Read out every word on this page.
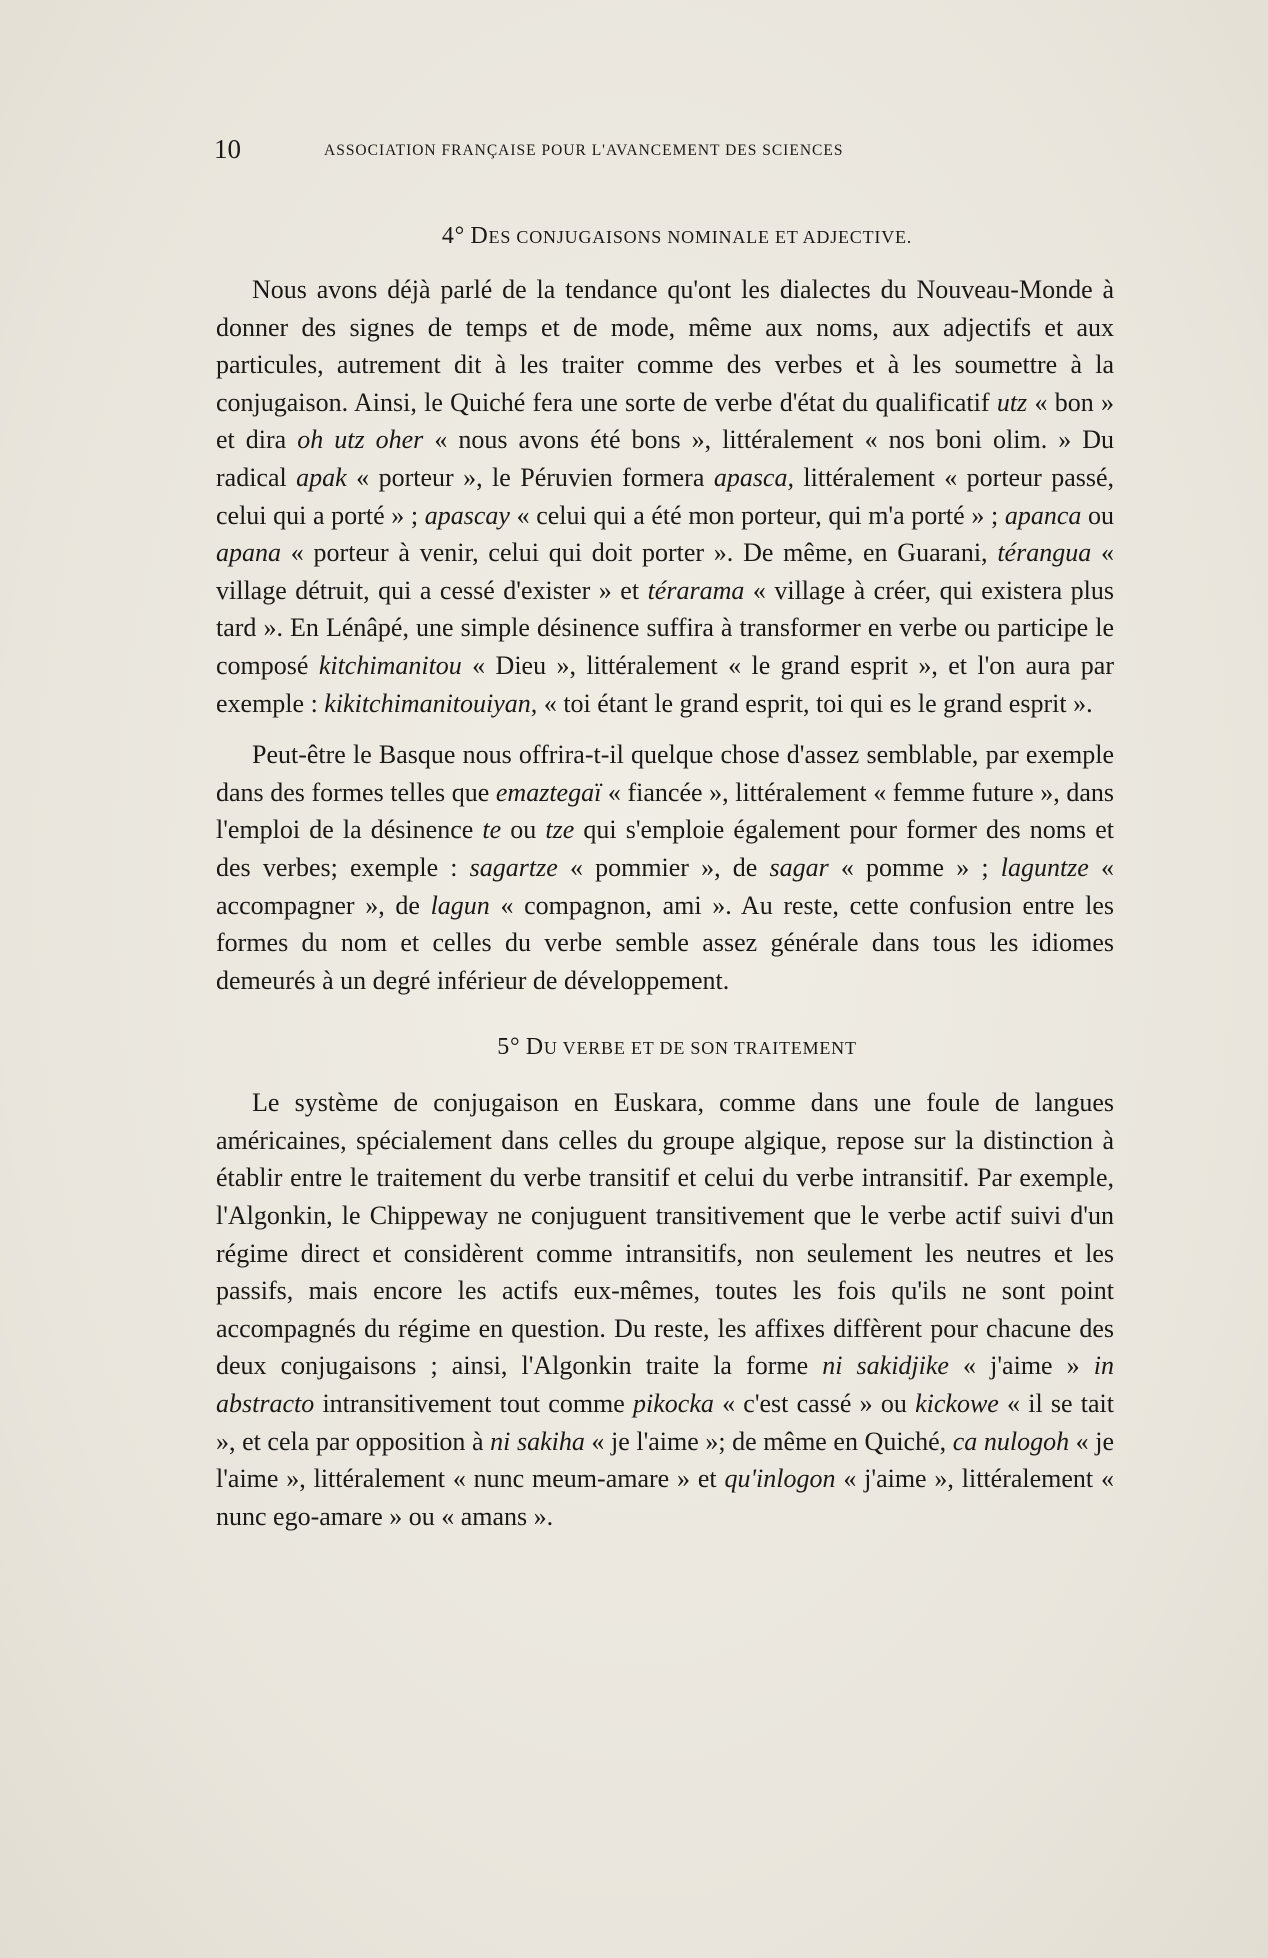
10	ASSOCIATION FRANÇAISE POUR L'AVANCEMENT DES SCIENCES
4° DES CONJUGAISONS NOMINALE ET ADJECTIVE.

Nous avons déjà parlé de la tendance qu'ont les dialectes du Nouveau-Monde à donner des signes de temps et de mode, même aux noms, aux adjectifs et aux particules, autrement dit à les traiter comme des verbes et à les soumettre à la conjugaison. Ainsi, le Quiché fera une sorte de verbe d'état du qualificatif utz « bon » et dira oh utz oher « nous avons été bons », littéralement « nos boni olim. » Du radical apak « porteur », le Péruvien formera apasca, littéralement « porteur passé, celui qui a porté » ; apascay « celui qui a été mon porteur, qui m'a porté » ; apanca ou apana « porteur à venir, celui qui doit porter ». De même, en Guarani, térangua « village détruit, qui a cessé d'exister » et térarama « village à créer, qui existera plus tard ». En Lénâpé, une simple désinence suffira à transformer en verbe ou participe le composé kitchimanitou « Dieu », littéralement « le grand esprit », et l'on aura par exemple : kikitchimanitouiyan, « toi étant le grand esprit, toi qui es le grand esprit ».

Peut-être le Basque nous offrira-t-il quelque chose d'assez semblable, par exemple dans des formes telles que emaztegaï « fiancée », littéralement « femme future », dans l'emploi de la désinence te ou tze qui s'emploie également pour former des noms et des verbes; exemple : sagartze « pommier », de sagar « pomme » ; laguntze « accompagner », de lagun « compagnon, ami ». Au reste, cette confusion entre les formes du nom et celles du verbe semble assez générale dans tous les idiomes demeurés à un degré inférieur de développement.

5° DU VERBE ET DE SON TRAITEMENT

Le système de conjugaison en Euskara, comme dans une foule de langues américaines, spécialement dans celles du groupe algique, repose sur la distinction à établir entre le traitement du verbe transitif et celui du verbe intransitif. Par exemple, l'Algonkin, le Chippeway ne conjuguent transitivement que le verbe actif suivi d'un régime direct et considèrent comme intransitifs, non seulement les neutres et les passifs, mais encore les actifs eux-mêmes, toutes les fois qu'ils ne sont point accompagnés du régime en question. Du reste, les affixes diffèrent pour chacune des deux conjugaisons ; ainsi, l'Algonkin traite la forme ni sakidjike « j'aime » in abstracto intransitivement tout comme pikocka « c'est cassé » ou kickowe « il se tait », et cela par opposition à ni sakiha « je l'aime »; de même en Quiché, ca nulogoh « je l'aime », littéralement « nunc meum-amare » et qu'inlogon « j'aime », littéralement « nunc ego-amare » ou « amans ».
